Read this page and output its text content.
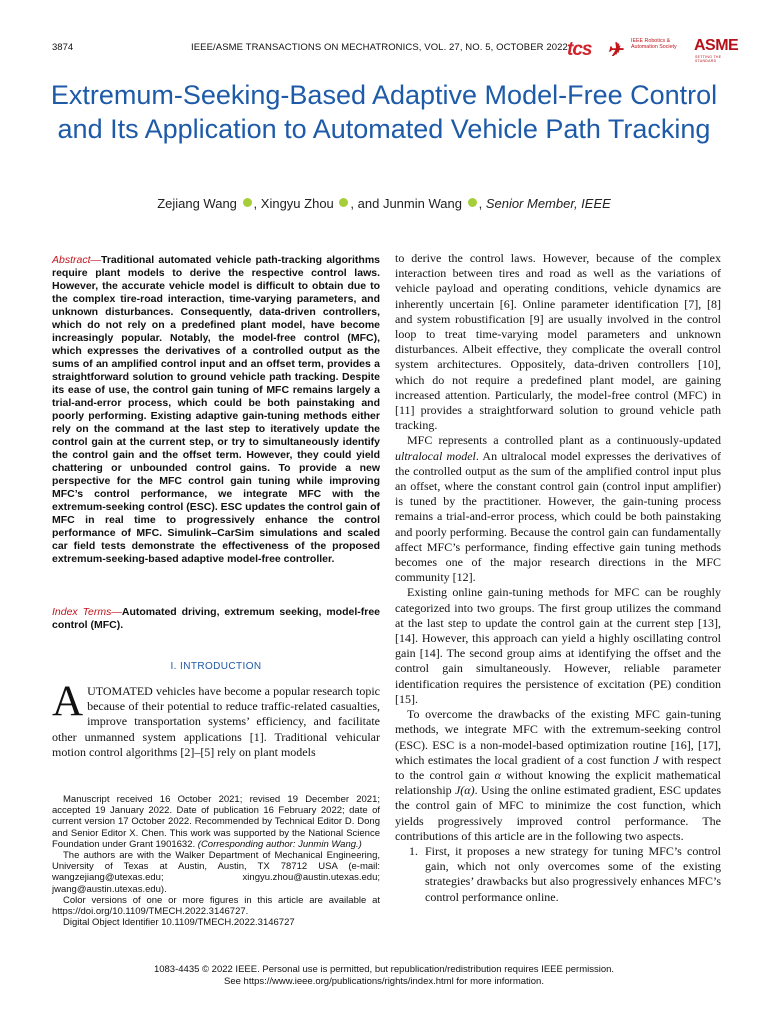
3874	IEEE/ASME TRANSACTIONS ON MECHATRONICS, VOL. 27, NO. 5, OCTOBER 2022 tcs ✈ IEEE Robotics & Automation Society	ASME
SETTING THE STANDARD
Extremum-Seeking-Based Adaptive Model-Free Control and Its Application to Automated Vehicle Path Tracking
Zejiang Wang , Xingyu Zhou , and Junmin Wang , Senior Member, IEEE
Abstract—Traditional automated vehicle path-tracking algorithms require plant models to derive the respective control laws. However, the accurate vehicle model is difficult to obtain due to the complex tire-road interaction, time-varying parameters, and unknown disturbances. Consequently, data-driven controllers, which do not rely on a predefined plant model, have become increasingly popular. Notably, the model-free control (MFC), which expresses the derivatives of a controlled output as the sums of an amplified control input and an offset term, provides a straightforward solution to ground vehicle path tracking. Despite its ease of use, the control gain tuning of MFC remains largely a trial-and-error process, which could be both painstaking and poorly performing. Existing adaptive gain-tuning methods either rely on the command at the last step to iteratively update the control gain at the current step, or try to simultaneously identify the control gain and the offset term. However, they could yield chattering or unbounded control gains. To provide a new perspective for the MFC control gain tuning while improving MFC’s control performance, we integrate MFC with the extremum-seeking control (ESC). ESC updates the control gain of MFC in real time to progressively enhance the control performance of MFC. Simulink–CarSim simulations and scaled car field tests demonstrate the effectiveness of the proposed extremum-seeking-based adaptive model-free controller.
Index Terms—Automated driving, extremum seeking, model-free control (MFC).
I. INTRODUCTION
AUTOMATED vehicles have become a popular research topic because of their potential to reduce traffic-related casualties, improve transportation systems’ efficiency, and facilitate other unmanned system applications [1]. Traditional vehicular motion control algorithms [2]–[5] rely on plant models

Manuscript received 16 October 2021; revised 19 December 2021; accepted 19 January 2022. Date of publication 16 February 2022; date of current version 17 October 2022. Recommended by Technical Editor D. Dong and Senior Editor X. Chen. This work was supported by the National Science Foundation under Grant 1901632. (Corresponding author: Junmin Wang.)

The authors are with the Walker Department of Mechanical Engineering, University of Texas at Austin, Austin, TX 78712 USA (e-mail: wangzejiang@utexas.edu; xingyu.zhou@austin.utexas.edu; jwang@austin.utexas.edu).

Color versions of one or more figures in this article are available at https://doi.org/10.1109/TMECH.2022.3146727.

Digital Object Identifier 10.1109/TMECH.2022.3146727

to derive the control laws. However, because of the complex interaction between tires and road as well as the variations of vehicle payload and operating conditions, vehicle dynamics are inherently uncertain [6]. Online parameter identification [7], [8] and system robustification [9] are usually involved in the control loop to treat time-varying model parameters and unknown disturbances. Albeit effective, they complicate the overall control system architectures. Oppositely, data-driven controllers [10], which do not require a predefined plant model, are gaining increased attention. Particularly, the model-free control (MFC) in [11] provides a straightforward solution to ground vehicle path tracking.

MFC represents a controlled plant as a continuously-updated ultralocal model. An ultralocal model expresses the derivatives of the controlled output as the sum of the amplified control input plus an offset, where the constant control gain (control input amplifier) is tuned by the practitioner. However, the gain-tuning process remains a trial-and-error process, which could be both painstaking and poorly performing. Because the control gain can fundamentally affect MFC’s performance, finding effective gain tuning methods becomes one of the major research directions in the MFC community [12].

Existing online gain-tuning methods for MFC can be roughly categorized into two groups. The first group utilizes the command at the last step to update the control gain at the current step [13], [14]. However, this approach can yield a highly oscillating control gain [14]. The second group aims at identifying the offset and the control gain simultaneously. However, reliable parameter identification requires the persistence of excitation (PE) condition [15].

To overcome the drawbacks of the existing MFC gain-tuning methods, we integrate MFC with the extremum-seeking control (ESC). ESC is a non-model-based optimization routine [16], [17], which estimates the local gradient of a cost function J with respect to the control gain α without knowing the explicit mathematical relationship J(α). Using the online estimated gradient, ESC updates the control gain of MFC to minimize the cost function, which yields progressively improved control performance. The contributions of this article are in the following two aspects.

1. First, it proposes a new strategy for tuning MFC’s control gain, which not only overcomes some of the existing strategies’ drawbacks but also progressively enhances MFC’s control performance online.
1083-4435 © 2022 IEEE. Personal use is permitted, but republication/redistribution requires IEEE permission.
See https://www.ieee.org/publications/rights/index.html for more information.
